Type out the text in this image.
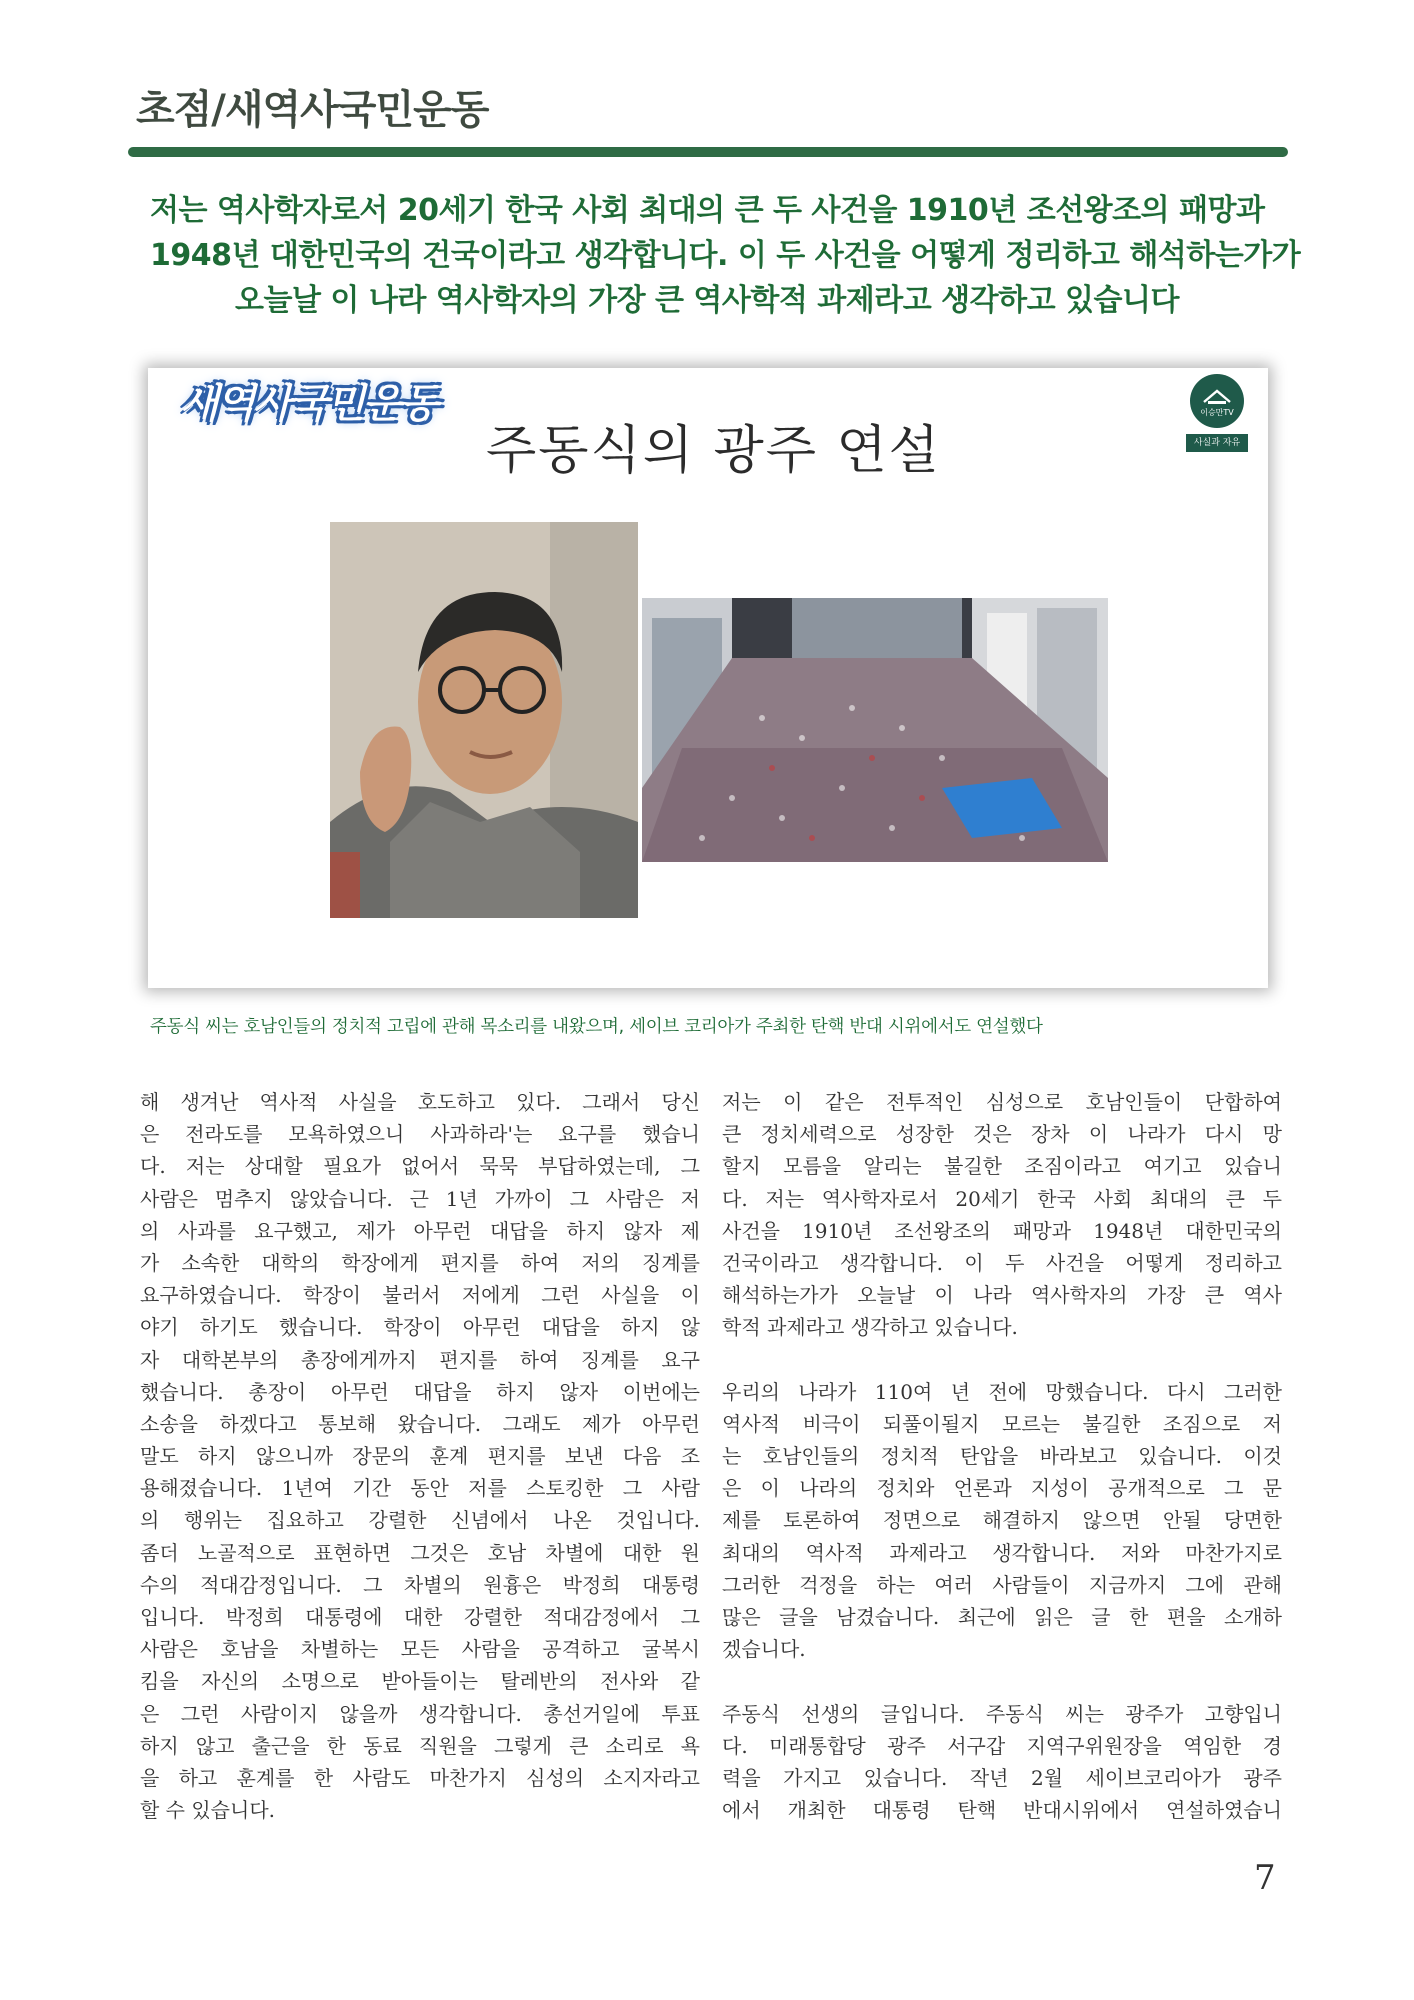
초점/새역사국민운동
저는 역사학자로서 20세기 한국 사회 최대의 큰 두 사건을 1910년 조선왕조의 패망과
1948년 대한민국의 건국이라고 생각합니다. 이 두 사건을 어떻게 정리하고 해석하는가가
오늘날 이 나라 역사학자의 가장 큰 역사학적 과제라고 생각하고 있습니다
새역사국민운동
주동식의 광주 연설
이승만TV
사실과 자유
주동식 씨는 호남인들의 정치적 고립에 관해 목소리를 내왔으며, 세이브 코리아가 주최한 탄핵 반대 시위에서도 연설했다
해 생겨난 역사적 사실을 호도하고 있다. 그래서 당신
은 전라도를 모욕하였으니 사과하라'는 요구를 했습니
다. 저는 상대할 필요가 없어서 묵묵 부답하였는데, 그
사람은 멈추지 않았습니다. 근 1년 가까이 그 사람은 저
의 사과를 요구했고, 제가 아무런 대답을 하지 않자 제
가 소속한 대학의 학장에게 편지를 하여 저의 징계를
요구하였습니다. 학장이 불러서 저에게 그런 사실을 이
야기 하기도 했습니다. 학장이 아무런 대답을 하지 않
자 대학본부의 총장에게까지 편지를 하여 징계를 요구
했습니다. 총장이 아무런 대답을 하지 않자 이번에는
소송을 하겠다고 통보해 왔습니다. 그래도 제가 아무런
말도 하지 않으니까 장문의 훈계 편지를 보낸 다음 조
용해졌습니다. 1년여 기간 동안 저를 스토킹한 그 사람
의 행위는 집요하고 강렬한 신념에서 나온 것입니다.
좀더 노골적으로 표현하면 그것은 호남 차별에 대한 원
수의 적대감정입니다. 그 차별의 원흉은 박정희 대통령
입니다. 박정희 대통령에 대한 강렬한 적대감정에서 그
사람은 호남을 차별하는 모든 사람을 공격하고 굴복시
킴을 자신의 소명으로 받아들이는 탈레반의 전사와 같
은 그런 사람이지 않을까 생각합니다. 총선거일에 투표
하지 않고 출근을 한 동료 직원을 그렇게 큰 소리로 욕
을 하고 훈계를 한 사람도 마찬가지 심성의 소지자라고
할 수 있습니다.
저는 이 같은 전투적인 심성으로 호남인들이 단합하여
큰 정치세력으로 성장한 것은 장차 이 나라가 다시 망
할지 모름을 알리는 불길한 조짐이라고 여기고 있습니
다. 저는 역사학자로서 20세기 한국 사회 최대의 큰 두
사건을 1910년 조선왕조의 패망과 1948년 대한민국의
건국이라고 생각합니다. 이 두 사건을 어떻게 정리하고
해석하는가가 오늘날 이 나라 역사학자의 가장 큰 역사
학적 과제라고 생각하고 있습니다.
우리의 나라가 110여 년 전에 망했습니다. 다시 그러한
역사적 비극이 되풀이될지 모르는 불길한 조짐으로 저
는 호남인들의 정치적 탄압을 바라보고 있습니다. 이것
은 이 나라의 정치와 언론과 지성이 공개적으로 그 문
제를 토론하여 정면으로 해결하지 않으면 안될 당면한
최대의 역사적 과제라고 생각합니다. 저와 마찬가지로
그러한 걱정을 하는 여러 사람들이 지금까지 그에 관해
많은 글을 남겼습니다. 최근에 읽은 글 한 편을 소개하
겠습니다.
주동식 선생의 글입니다. 주동식 씨는 광주가 고향입니
다. 미래통합당 광주 서구갑 지역구위원장을 역임한 경
력을 가지고 있습니다. 작년 2월 세이브코리아가 광주
에서 개최한 대통령 탄핵 반대시위에서 연설하였습니
7
